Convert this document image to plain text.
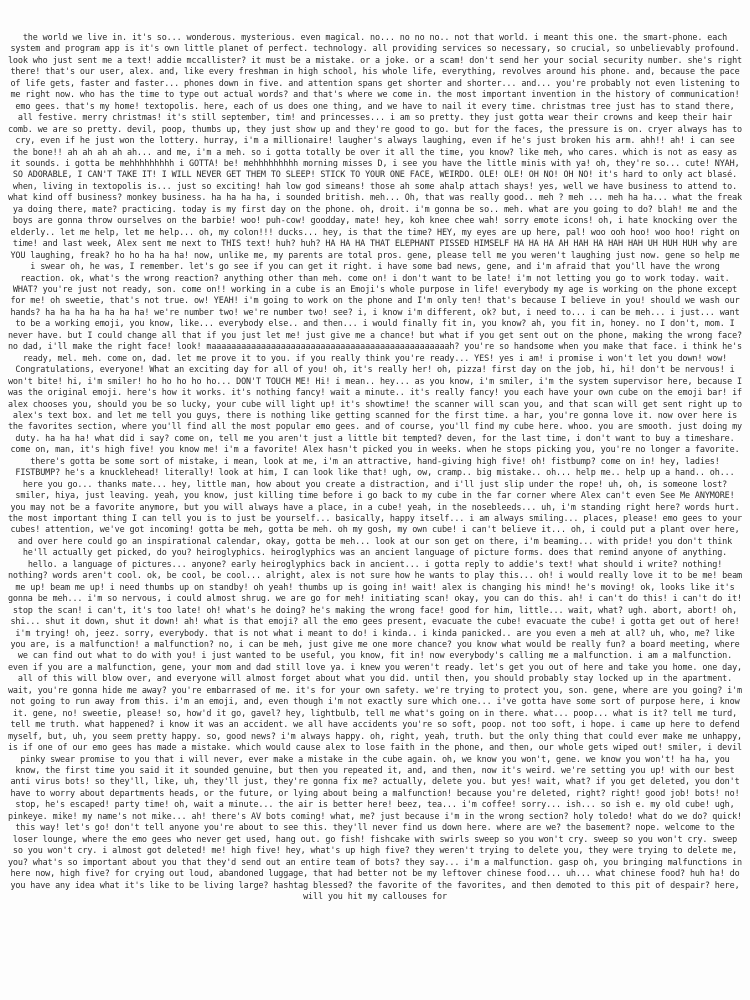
the world we live in. it's so... wonderous. mysterious. even magical. no... no no no.. not that world. i meant this one. the smart-phone. each system and program app is it's own little planet of perfect. technology. all providing services so necessary, so crucial, so unbelievably profound. look who just sent me a text! addie mccallister? it must be a mistake. or a joke. or a scam! don't send her your social security number. she's right there! that's our user, alex. and, like every freshman in high school, his whole life, everything, revolves around his phone. and, because the pace of life gets, faster and faster... phones down in five. and attention spans get shorter and shorter... and... you're probably not even listening to me right now. who has the time to type out actual words? and that's where we come in. the most important invention in the history of communication! emo gees. that's my home! textopolis. here, each of us does one thing, and we have to nail it every time. christmas tree just has to stand there, all festive. merry christmas! it's still september, tim! and princesses... i am so pretty. they just gotta wear their crowns and keep their hair comb. we are so pretty. devil, poop, thumbs up, they just show up and they're good to go. but for the faces, the pressure is on. cryer always has to cry, even if he just won the lottery. hurray, i'm a millionaire! laugher's always laughing, even if he's just broken his arm. ahh!! ah! i can see the bone!! ah ah ah ah ah... and me, i'm a meh. so i gotta totally be over it all the time, you know? like meh, who cares. which is not as easy as it sounds. i gotta be mehhhhhhhhh i GOTTA! be! mehhhhhhhhh morning misses D, i see you have the little minis with ya! oh, they're so... cute! NYAH, SO ADORABLE, I CAN'T TAKE IT! I WILL NEVER GET THEM TO SLEEP! STICK TO YOUR ONE FACE, WEIRDO. OLE! OLE! OH NO! OH NO! it's hard to only act blasé. when, living in textopolis is... just so exciting! hah low god simeans! those ah some ahalp attach shays! yes, well we have business to attend to. what kind off business? monkey business. ha ha ha ha, i sounded british. meh... Oh, that was really good.. meh ? meh ... meh ha ha... what the freak ya doing there, mate? practicing. today is my first day on the phone. oh, droit. i'm gonna be so.. meh. what are you going to do? blah! me and the boys are gonna throw ourselves on the barbie! woo! puh-cow! goodday, mate! hey, koh knee chee wah! sorry emote icons! oh, i hate knocking over the elderly.. let me help, let me help... oh, my colon!!! ducks... hey, is that the time? HEY, my eyes are up here, pal! woo ooh hoo! woo hoo! right on time! and last week, Alex sent me next to THIS text! huh? huh? HA HA HA THAT ELEPHANT PISSED HIMSELF HA HA HA AH HAH HA HAH HAH UH HUH HUH why are YOU laughing, freak? ho ho ha ha ha! now, unlike me, my parents are total pros. gene, please tell me you weren't laughing just now. gene so help me i swear oh, he was, I remember. let's go see if you can get it right. i have some bad news, gene, and i'm afraid that you'll have the wrong reaction. ok, what's the wrong reaction? anything other than meh. come on! i don't want to be late! i'm not letting you go to work today. wait. WHAT? you're just not ready, son. come on!! working in a cube is an Emoji's whole purpose in life! everybody my age is working on the phone except for me! oh sweetie, that's not true. ow! YEAH! i'm going to work on the phone and I'm only ten! that's because I believe in you! should we wash our hands? ha ha ha ha ha ha ha! we're number two! we're number two! see? i, i know i'm different, ok? but, i need to... i can be meh... i just... want to be a working emoji, you know, like... everybody else.. and then... i would finally fit in, you know? ah, you fit in, honey. no I don't, mom. I never have. but I could change all that if you just let me! just give me a chance! but what if you get sent out on the phone, making the wrong face? no dad, i'll make the right face! look! maaaaaaaaaaaaaaaaaaaaaaaaaaaaaaaaaaaaaaaaaaaaaaaah? you're so handsome when you make that face. i think he's ready, mel. meh. come on, dad. let me prove it to you. if you really think you're ready... YES! yes i am! i promise i won't let you down! wow! Congratulations, everyone! What an exciting day for all of you! oh, it's really her! oh, pizza! first day on the job, hi, hi! don't be nervous! i won't bite! hi, i'm smiler! ho ho ho ho ho... DON'T TOUCH ME! Hi! i mean.. hey... as you know, i'm smiler, i'm the system supervisor here, because I was the original emoji. here's how it works. it's nothing fancy! wait a minute.. it's really fancy! you each have your own cube on the emoji bar! if alex chooses you, should you be so lucky, your cube will light up! it's showtime! the scanner will scan you, and that scan will get sent right up to alex's text box. and let me tell you guys, there is nothing like getting scanned for the first time. a har, you're gonna love it. now over here is the favorites section, where you'll find all the most popular emo gees. and of course, you'll find my cube here. whoo. you are smooth. just doing my duty. ha ha ha! what did i say? come on, tell me you aren't just a little bit tempted? deven, for the last time, i don't want to buy a timeshare. come on, man, it's high five! you know me! i'm a favorite! Alex hasn't picked you in weeks. when he stops picking you, you're no longer a favorite. there's gotta be some sort of mistake, i mean, look at me, i'm an attractive, hand-giving high five! oh! fistbump? come on in! hey, ladies! FISTBUMP? he's a knucklehead! literally! look at him, I can look like that! ugh, ow, cramp.. big mistake.. oh... help me.. help up a hand.. oh... here you go... thanks mate... hey, little man, how about you create a distraction, and i'll just slip under the rope! uh, oh, is someone lost? smiler, hiya, just leaving. yeah, you know, just killing time before i go back to my cube in the far corner where Alex can't even See Me ANYMORE! you may not be a favorite anymore, but you will always have a place, in a cube! yeah, in the nosebleeds... uh, i'm standing right here? words hurt. the most important thing I can tell you is to just be yourself... basically, happy itself... i am always smiling... places, please! emo gees to your cubes! attention, we've got incoming! gotta be meh, gotta be meh. oh my gosh, my own cube! i can't believe it... oh, i could put a plant over here, and over here could go an inspirational calendar, okay, gotta be meh... look at our son get on there, i'm beaming... with pride! you don't think he'll actually get picked, do you? heiroglyphics. heiroglyphics was an ancient language of picture forms. does that remind anyone of anything. hello. a language of pictures... anyone? early heiroglyphics back in ancient... i gotta reply to addie's text! what should i write? nothing! nothing? words aren't cool. ok, be cool, be cool... alright, alex is not sure how he wants to play this... oh! i would really love it to be me! beam me up! beam me up! i need thumbs up on standby! oh yeah! thumbs up is going in! wait! alex is changing his mind! he's moving! ok, looks like it's gonna be meh... i'm so nervous, i could almost shrug. we are go for meh! initiating scan! okay, you can do this. ah! i can't do this! i can't do it! stop the scan! i can't, it's too late! oh! what's he doing? he's making the wrong face! good for him, little... wait, what? ugh. abort, abort! oh, shi... shut it down, shut it down! ah! what is that emoji? all the emo gees present, evacuate the cube! evacuate the cube! i gotta get out of here! i'm trying! oh, jeez. sorry, everybody. that is not what i meant to do! i kinda.. i kinda panicked.. are you even a meh at all? uh, who, me? like you are, is a malfunction! a malfunction? no, i can be meh, just give me one more chance? you know what would be really fun? a board meeting, where we can find out what to do with you! i just wanted to be useful, you know, fit in! now everybody's calling me a malfunction. i am a malfunction. even if you are a malfunction, gene, your mom and dad still love ya. i knew you weren't ready. let's get you out of here and take you home. one day, all of this will blow over, and everyone will almost forget about what you did. until then, you should probably stay locked up in the apartment. wait, you're gonna hide me away? you're embarrased of me. it's for your own safety. we're trying to protect you, son. gene, where are you going? i'm not going to run away from this. i'm an emoji, and, even though i'm not exactly sure which one... i've gotta have some sort of purpose here, i know it. gene, no! sweetie, please! so, how'd it go, gavel? hey, lightbulb, tell me what's going on in there. what... poop... what is it? tell me turd, tell me truth. what happened? i know it was an accident. we all have accidents you're so soft, poop. not too soft, i hope. i came up here to defend myself, but, uh, you seem pretty happy. so, good news? i'm always happy. oh, right, yeah, truth. but the only thing that could ever make me unhappy, is if one of our emo gees has made a mistake. which would cause alex to lose faith in the phone, and then, our whole gets wiped out! smiler, i devil pinky swear promise to you that i will never, ever make a mistake in the cube again. oh, we know you won't, gene. we know you won't! ha ha, you know, the first time you said it it sounded genuine, but then you repeated it, and, and then, now it's weird. we're setting you up! with our best anti virus bots! so they'll, like, uh, they'll just, they're gonna fix me? actually, delete you. but yes! wait, what? if you get deleted, you don't have to worry about departments heads, or the future, or lying about being a malfunction! because you're deleted, right? right! good job! bots! no! stop, he's escaped! party time! oh, wait a minute... the air is better here! beez, tea... i'm coffee! sorry... ish... so ish e. my old cube! ugh, pinkeye. mike! my name's not mike... ah! there's AV bots coming! what, me? just because i'm in the wrong section? holy toledo! what do we do? quick! this way! let's go! don't tell anyone you're about to see this. they'll never find us down here. where are we? the basement? nope. welcome to the loser lounge, where the emo gees who never get used, hang out. go fish! fishcake with swirls sweep so you won't cry. sweep so you won't cry. sweep so you won't cry. i almost got deleted! me! high five! hey, what's up high five? they weren't trying to delete you, they were trying to delete me, you? what's so important about you that they'd send out an entire team of bots? they say... i'm a malfunction. gasp oh, you bringing malfunctions in here now, high five? for crying out loud, abandoned luggage, that had better not be my leftover chinese food... uh... what chinese food? huh ha! do you have any idea what it's like to be living large? hashtag blessed? the favorite of the favorites, and then demoted to this pit of despair? here, will you hit my callouses for
